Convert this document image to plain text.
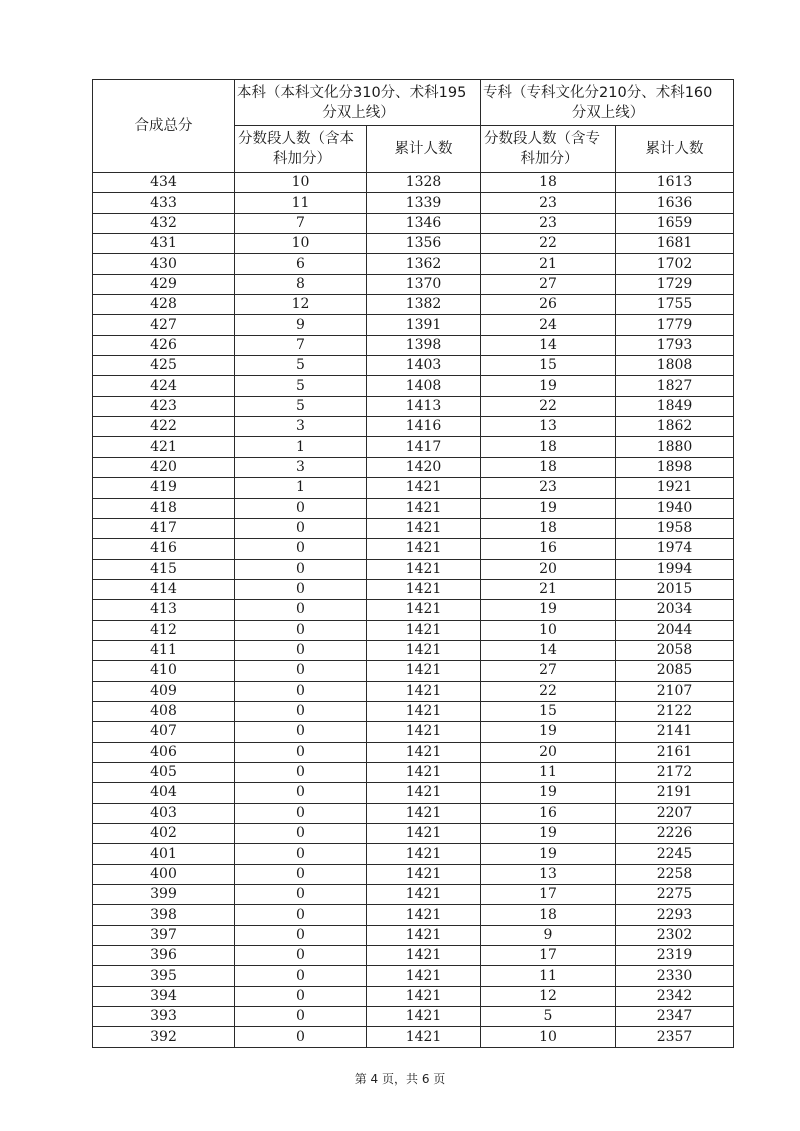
合成总分	本科（本科文化分310分、术科195
分双上线）		专科（专科文化分210分、术科160
分双上线）	

	分数段人数（含本
科加分）	累计人数	分数段人数（含专
科加分）	累计人数
434	10	1328	18	1613
433	11	1339	23	1636
432	7	1346	23	1659
431	10	1356	22	1681
430	6	1362	21	1702
429	8	1370	27	1729
428	12	1382	26	1755
427	9	1391	24	1779
426	7	1398	14	1793
425	5	1403	15	1808
424	5	1408	19	1827
423	5	1413	22	1849
422	3	1416	13	1862
421	1	1417	18	1880
420	3	1420	18	1898
419	1	1421	23	1921
418	0	1421	19	1940
417	0	1421	18	1958
416	0	1421	16	1974
415	0	1421	20	1994
414	0	1421	21	2015
413	0	1421	19	2034
412	0	1421	10	2044
411	0	1421	14	2058
410	0	1421	27	2085
409	0	1421	22	2107
408	0	1421	15	2122
407	0	1421	19	2141
406	0	1421	20	2161
405	0	1421	11	2172
404	0	1421	19	2191
403	0	1421	16	2207
402	0	1421	19	2226
401	0	1421	19	2245
400	0	1421	13	2258
399	0	1421	17	2275
398	0	1421	18	2293
397	0	1421	9	2302
396	0	1421	17	2319
395	0	1421	11	2330
394	0	1421	12	2342
393	0	1421	5	2347
392	0	1421	10	2357
第 4 页，共 6 页
